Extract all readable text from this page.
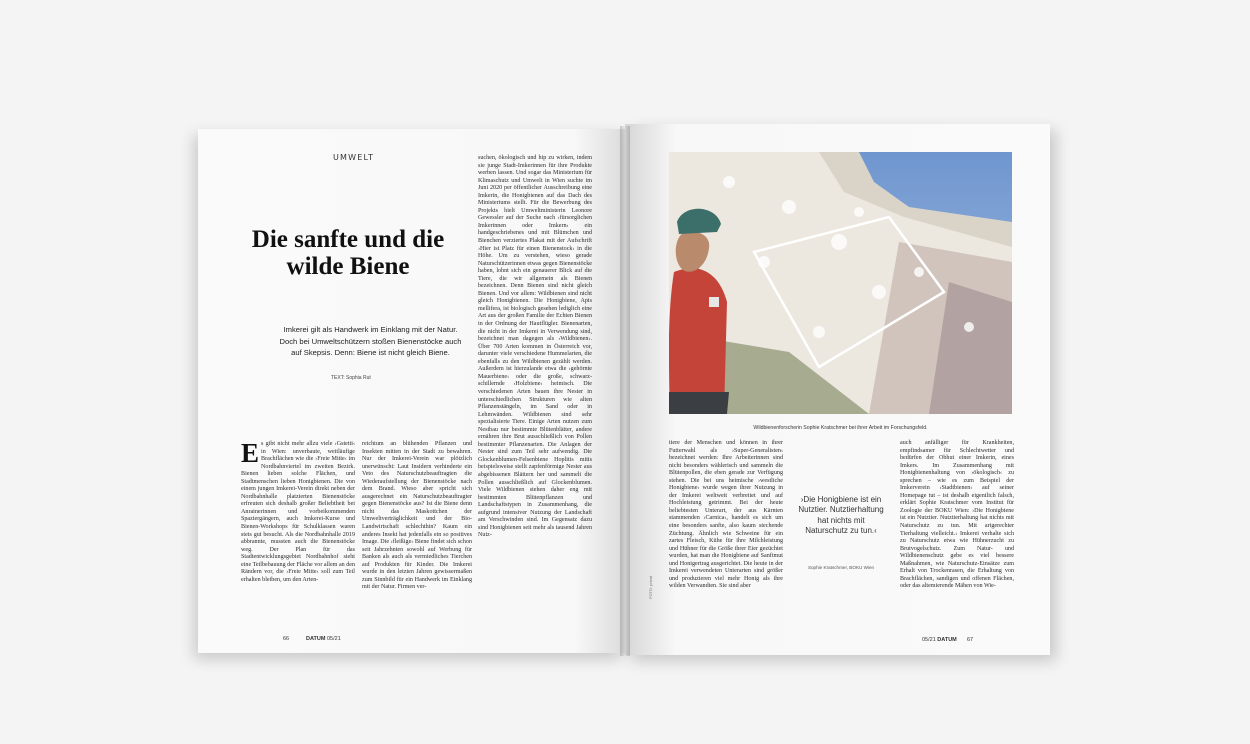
UMWELT
Die sanfte und die wilde Biene
Imkerei gilt als Handwerk im Einklang mit der Natur. Doch bei Umweltschützern stoßen Bienenstöcke auch auf Skepsis. Denn: Biene ist nicht gleich Biene.
TEXT: Sophia Rut
Es gibt nicht mehr allzu viele ›Gstetti‹ in Wien: unverbaute, weitläufige Brachflächen wie die ›Freie Mitte‹ im Nordbahnviertel im zweiten Bezirk. Bienen lieben solche Flächen, und Stadtmenschen lieben Honigbienen. Die von einem jungen Imkerei-Verein direkt neben der Nordbahnhalle platzierten Bienenstöcke erfreuten sich deshalb großer Beliebtheit bei Anrainerinnen und vorbeikommenden Spaziergängern, auch Imkerei-Kurse und Bienen-Workshops für Schulklassen waren stets gut besucht. Als die Nordbahnhalle 2019 abbrannte, mussten auch die Bienenstöcke weg. Der Plan für das Stadtentwicklungsgebiet Nordbahnhof sieht eine Teilbebauung der Fläche vor allem an den Rändern vor, die ›Freie Mitte‹ soll zum Teil erhalten bleiben, um den Arten-
reichtum an blühenden Pflanzen und Insekten mitten in der Stadt zu bewahren. Nur der Imkerei-Verein war plötzlich unerwünscht: Laut Insidern verhinderte ein Veto des Naturschutzbeauftragten die Wiederaufstellung der Bienenstöcke nach dem Brand. Wieso aber spricht sich ausgerechnet ein Naturschutzbeauftragter gegen Bienenstöcke aus? Ist die Biene denn nicht das Maskottchen der Umweltverträglichkeit und der Bio-Landwirtschaft schlechthin? Kaum ein anderes Insekt hat jedenfalls ein so positives Image. Die ›fleißige‹ Biene findet sich schon seit Jahrzehnten sowohl auf Werbung für Banken als auch als vermiedliches Tierchen auf Produkten für Kinder. Die Imkerei wurde in den letzten Jahren gewissermaßen zum Sinnbild für ein Handwerk im Einklang mit der Natur. Firmen ver-
suchen, ökologisch und hip zu wirken, indem sie junge Stadt-Imkerinnen für ihre Produkte werben lassen. Und sogar das Ministerium für Klimaschutz und Umwelt in Wien suchte im Juni 2020 per öffentlicher Ausschreibung eine Imkerin, die Honigbienen auf das Dach des Ministeriums stellt. Für die Bewerbung des Projekts hielt Umweltministerin Leonore Gewessler auf der Suche nach ›fürsorglichen Imkerinnen oder Imkern‹ ein handgeschriebenes und mit Blümchen und Bienchen verziertes Plakat mit der Aufschrift ›Hier ist Platz für einen Bienenstock‹ in die Höhe. Um zu verstehen, wieso gerade Naturschützerinnen etwas gegen Bienenstöcke haben, lohnt sich ein genauerer Blick auf die Tiere, die wir allgemein als Bienen bezeichnen. Denn Bienen sind nicht gleich Bienen. Und vor allem: Wildbienen sind nicht gleich Honigbienen. Die Honigbiene, Apis mellifera, ist biologisch gesehen lediglich eine Art aus der großen Familie der Echten Bienen in der Ordnung der Hautflügler. Bienenarten, die nicht in der Imkerei in Verwendung sind, bezeichnet man dagegen als ›Wildbienen‹. Über 700 Arten kommen in Österreich vor, darunter viele verschiedene Hummelarten, die ebenfalls zu den Wildbienen gezählt werden. Außerdem ist hierzulande etwa die ›gehörnte Mauerbiene‹ oder die große, schwarz-schillernde ›Holzbiene‹ heimisch. Die verschiedenen Arten bauen ihre Nester in unterschiedlichen Strukturen wie alten Pflanzenstängeln, im Sand oder in Lehmwänden. Wildbienen sind sehr spezialisierte Tiere. Einige Arten nutzen zum Nestbau nur bestimmte Blütenblätter, andere ernähren ihre Brut ausschließlich von Pollen bestimmter Pflanzenarten. Die Anlagen der Nester sind zum Teil sehr aufwendig. Die Glockenblumen-Felsenbiene Hoplitis mitis beispielsweise stellt zapfenförmige Nester aus abgebissenen Blättern her und sammelt die Pollen ausschließlich auf Glockenblumen. Viele Wildbienen stehen daher eng mit bestimmten Blütenpflanzen und Landschaftstypen in Zusammenhang, die aufgrund intensiver Nutzung der Landschaft am Verschwinden sind. Im Gegensatz dazu sind Honigbienen seit mehr als tausend Jahren Nutz-
66	DATUM 05/21
Wildbienenforscherin Sophie Kratschmer bei ihrer Arbeit im Forschungsfeld.
FOTO: privat
tiere der Menschen und können in ihrer Futterwahl als ›Super-Generalisten‹ bezeichnet werden: Ihre Arbeiterinnen sind nicht besonders wählerisch und sammeln die Blütenpollen, die eben gerade zur Verfügung stehen. Die bei uns heimische ›westliche Honigbiene‹ wurde wegen ihrer Nutzung in der Imkerei weltweit verbreitet und auf Hochleistung getrimmt. Bei der heute beliebtesten Unterart, der aus Kärnten stammenden ›Carnica‹, handelt es sich um eine besonders sanfte, also kaum stechende Züchtung. Ähnlich wie Schweine für ein zartes Fleisch, Kühe für ihre Milchleistung und Hühner für die Größe ihrer Eier gezüchtet wurden, hat man die Honigbiene auf Sanftmut und Honigertrag ausgerichtet. Die heute in der Imkerei verwendeten Unterarten sind größer und produzieren viel mehr Honig als ihre wilden Verwandten. Sie sind aber
›Die Honigbiene ist ein Nutztier. Nutztierhaltung hat nichts mit Naturschutz zu tun.‹
Sophie Kratschmer, BOKU Wien
auch anfälliger für Krankheiten, empfindsamer für Schlechtwetter und bedürfen der Obhut einer Imkerin, eines Imkers. Im Zusammenhang mit Honigbienenhaltung von ›ökologisch‹ zu sprechen – wie es zum Beispiel der Imkerverein ›Stadtbienen‹ auf seiner Homepage tut – ist deshalb eigentlich falsch, erklärt Sophie Kratschmer vom Institut für Zoologie der BOKU Wien: ›Die Honigbiene ist ein Nutztier. Nutztierhaltung hat nichts mit Naturschutz zu tun. Mit artgerechter Tierhaltung vielleicht.‹ Imkerei verhalte sich zu Naturschutz etwa wie Hühnerzucht zu Brutvogelschutz. Zum Natur- und Wildbienenschutz gebe es viel bessere Maßnahmen, wie Naturschutz-Einsätze zum Erhalt von Trockenrasen, die Erhaltung von Brachflächen, sandigen und offenen Flächen, oder das altemierende Mähen von Wie-
05/21 DATUM 67
